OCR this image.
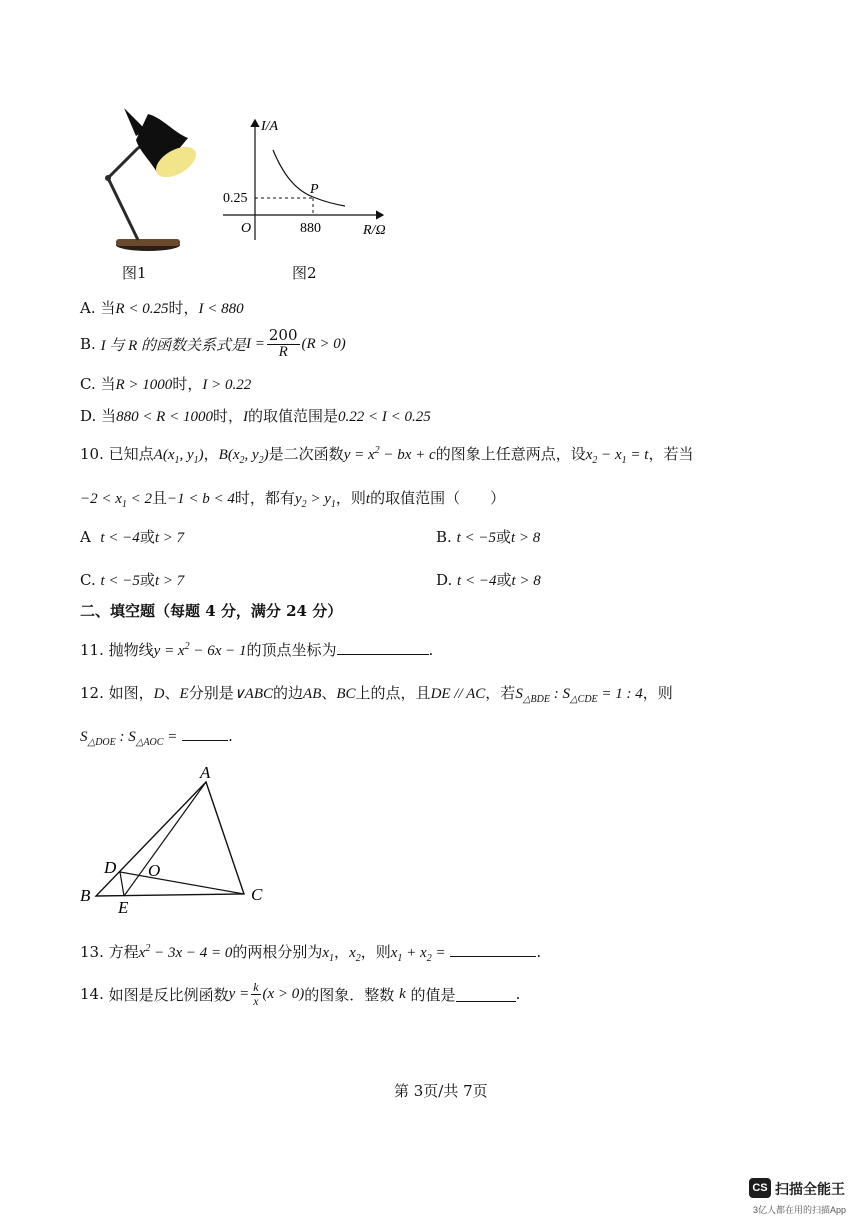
图1
I/A
R/Ω
O
0.25
880
P
图2
A. 当R < 0.25时，I < 880
B.
I 与 R 的函数关系式是 $I = \frac{200}{R} (R > 0)$
C. 当R > 1000时，I > 0.22
D. 当880 < R < 1000时，I的取值范围是0.22 < I < 0.25
10. 已知点$A(x_1$, $y_1$)，$B(x_2$, $y_2$)是二次函数$y = x^2$ − bx + c的图象上任意两点，设$x_2 - x_1 = t$，若当
$-2 < x_1 < 2$且−1 < b < 4时，都有$y_2 > y_1$，则t的取值范围（　　）
A t < −4或t > 7	B. t < −5或t > 8
C. t < −5或t > 7	D. t < −4或t > 8
二、填空题（每题 4 分，满分 24 分）
11. 抛物线$y = x^2 - 6x - 1$的顶点坐标为	.
12. 如图，D、E分别是∨ABC的边AB、BC上的点，且DE // AC，若$S_{\triangle BDE}$ : $S_{\triangle CDE} = 1$ : 4，则
$S_{\triangle DOE}$ : $S_{\triangle AOC}$ =	.
A
B	C
D
E
O
13. 方程$x^2 - 3x - 4 = 0$的两根分别为$x_1$，$x_2$，则$x_1 + x_2$ =	.
14.
如图是反比例函数 $y = \frac{k}{x} (x > 0)$ 的图象．整数
k
的值是	.
第 3页/共 7页
CS 扫描全能王
3亿人都在用的扫描App
